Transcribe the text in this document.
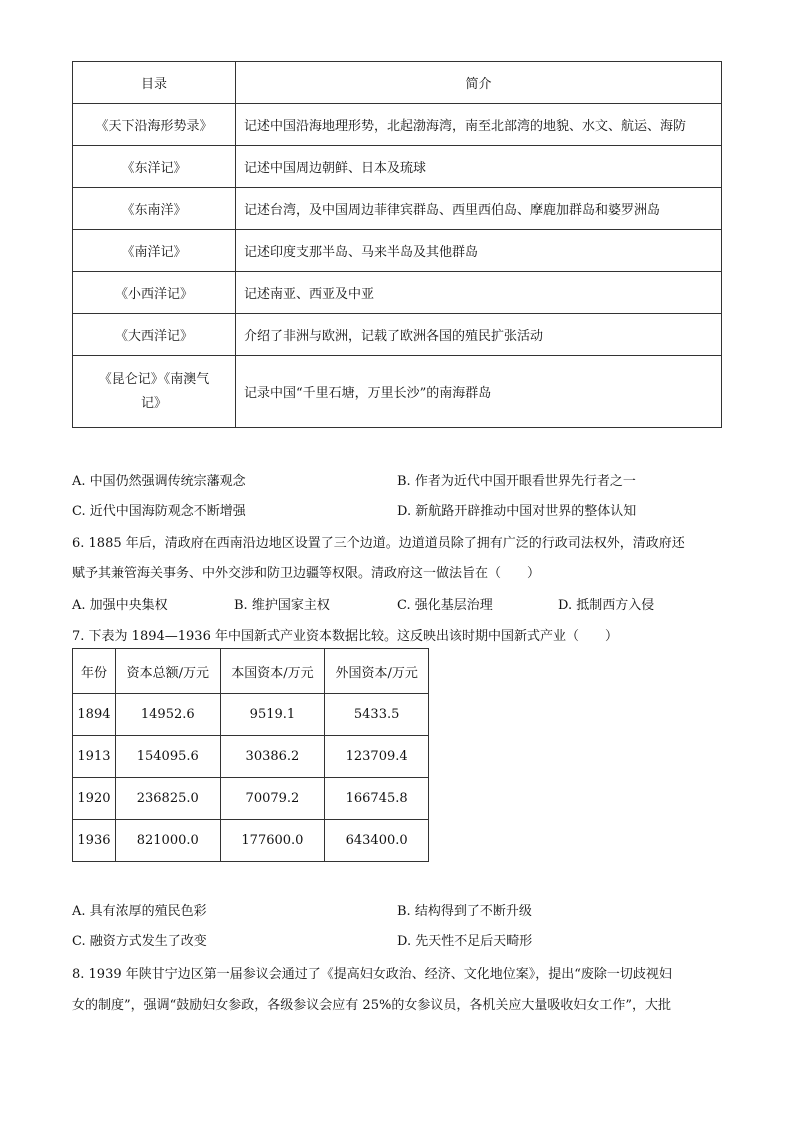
目录	简介
《天下沿海形势录》	记述中国沿海地理形势，北起渤海湾，南至北部湾的地貌、水文、航运、海防
《东洋记》	记述中国周边朝鲜、日本及琉球
《东南洋》	记述台湾，及中国周边菲律宾群岛、西里西伯岛、摩鹿加群岛和婆罗洲岛
《南洋记》	记述印度支那半岛、马来半岛及其他群岛
《小西洋记》	记述南亚、西亚及中亚
《大西洋记》	介绍了非洲与欧洲，记载了欧洲各国的殖民扩张活动
《昆仑记》《南澳气记》	记录中国“千里石塘，万里长沙”的南海群岛
A. 中国仍然强调传统宗藩观念	B. 作者为近代中国开眼看世界先行者之一
C. 近代中国海防观念不断增强	D. 新航路开辟推动中国对世界的整体认知
6. 1885 年后，清政府在西南沿边地区设置了三个边道。边道道员除了拥有广泛的行政司法权外，清政府还
赋予其兼管海关事务、中外交涉和防卫边疆等权限。清政府这一做法旨在（　　）
A. 加强中央集权	B. 维护国家主权	C. 强化基层治理	D. 抵制西方入侵
7. 下表为 1894—1936 年中国新式产业资本数据比较。这反映出该时期中国新式产业（　　）
年份	资本总额/万元	本国资本/万元	外国资本/万元
1894	14952.6	9519.1	5433.5
1913	154095.6	30386.2	123709.4
1920	236825.0	70079.2	166745.8
1936	821000.0	177600.0	643400.0
A. 具有浓厚的殖民色彩	B. 结构得到了不断升级
C. 融资方式发生了改变	D. 先天性不足后天畸形
8. 1939 年陕甘宁边区第一届参议会通过了《提高妇女政治、经济、文化地位案》，提出“废除一切歧视妇
女的制度”，强调“鼓励妇女参政，各级参议会应有 25%的女参议员，各机关应大量吸收妇女工作”，大批
